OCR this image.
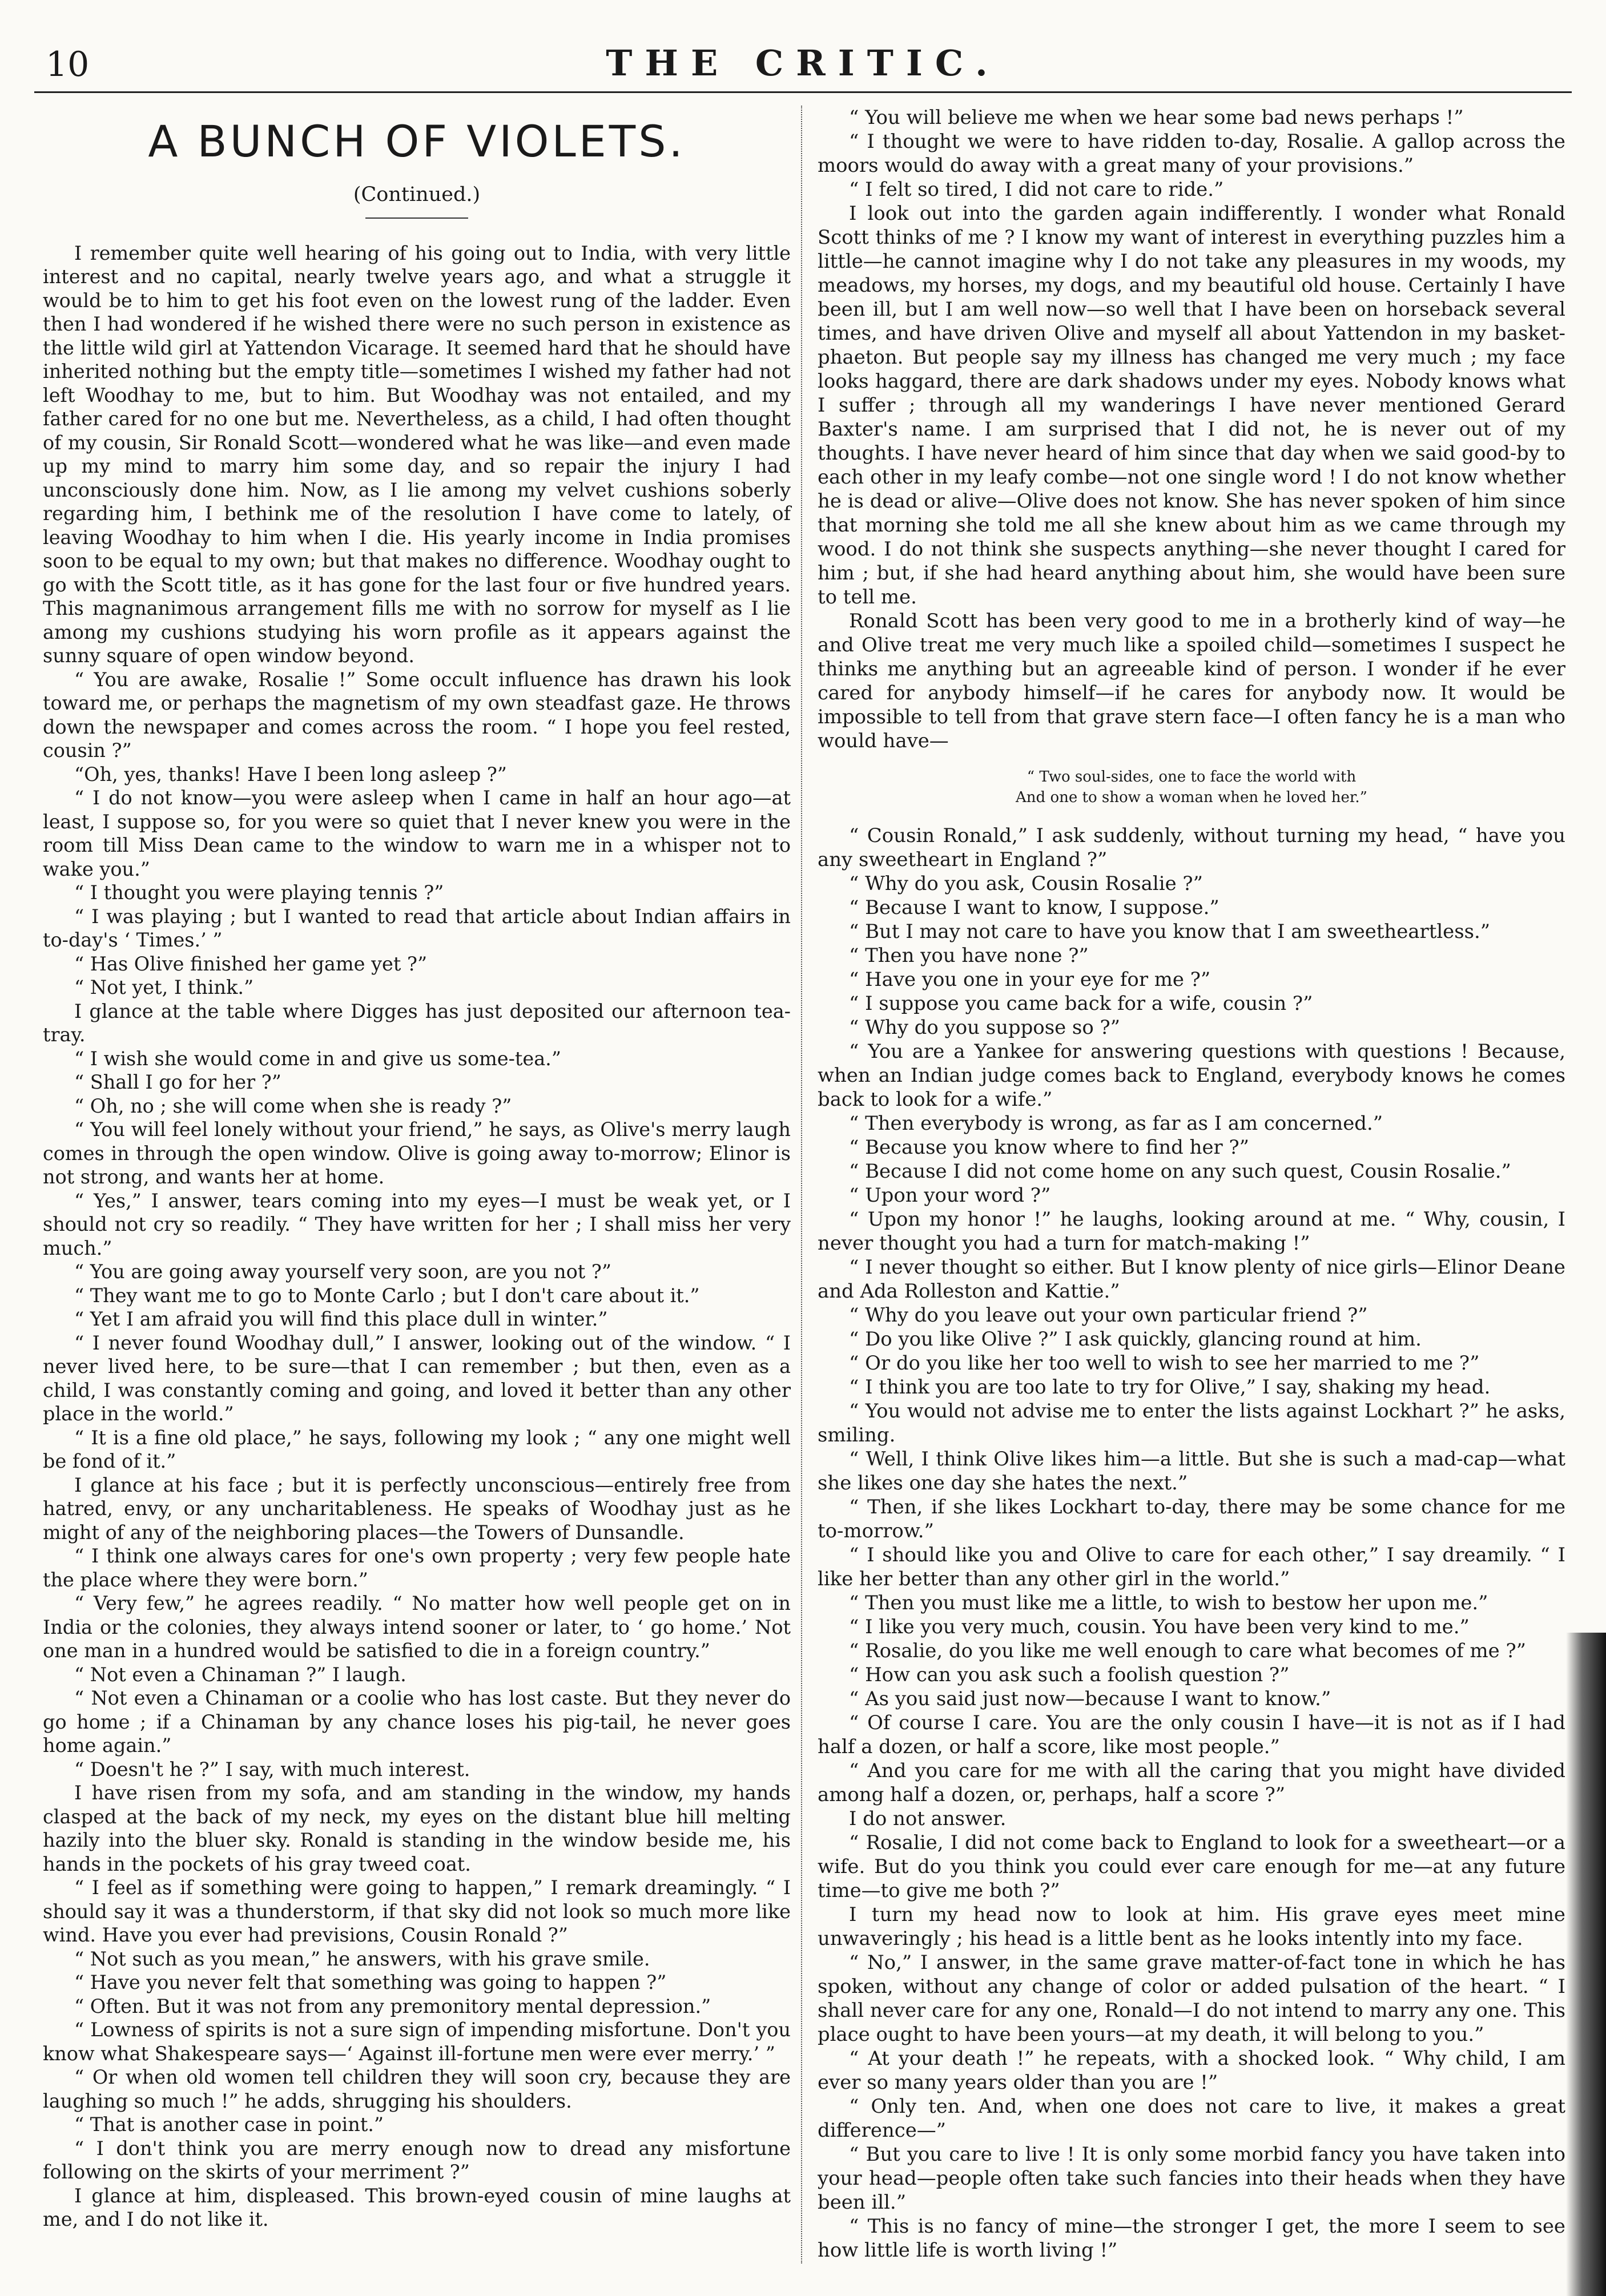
10	THE CRITIC.
A BUNCH OF VIOLETS.
(Continued.)

I remember quite well hearing of his going out to India, with very little interest and no capital, nearly twelve years ago, and what a struggle it would be to him to get his foot even on the lowest rung of the ladder. Even then I had wondered if he wished there were no such person in existence as the little wild girl at Yattendon Vicarage. It seemed hard that he should have inherited nothing but the empty title—sometimes I wished my father had not left Woodhay to me, but to him. But Woodhay was not entailed, and my father cared for no one but me. Nevertheless, as a child, I had often thought of my cousin, Sir Ronald Scott—wondered what he was like—and even made up my mind to marry him some day, and so repair the injury I had unconsciously done him. Now, as I lie among my velvet cushions soberly regarding him, I bethink me of the resolution I have come to lately, of leaving Woodhay to him when I die. His yearly income in India promises soon to be equal to my own; but that makes no difference. Woodhay ought to go with the Scott title, as it has gone for the last four or five hundred years. This magnanimous arrangement fills me with no sorrow for myself as I lie among my cushions studying his worn profile as it appears against the sunny square of open window beyond.

“ You are awake, Rosalie !” Some occult influence has drawn his look toward me, or perhaps the magnetism of my own steadfast gaze. He throws down the newspaper and comes across the room. “ I hope you feel rested, cousin ?”

“Oh, yes, thanks! Have I been long asleep ?”

“ I do not know—you were asleep when I came in half an hour ago—at least, I suppose so, for you were so quiet that I never knew you were in the room till Miss Dean came to the window to warn me in a whisper not to wake you.”

“ I thought you were playing tennis ?”

“ I was playing ; but I wanted to read that article about Indian affairs in to-day's ‘ Times.’ ”

“ Has Olive finished her game yet ?”

“ Not yet, I think.”

I glance at the table where Digges has just deposited our afternoon tea-tray.

“ I wish she would come in and give us some-tea.”

“ Shall I go for her ?”

“ Oh, no ; she will come when she is ready ?”

“ You will feel lonely without your friend,” he says, as Olive's merry laugh comes in through the open window. Olive is going away to-morrow; Elinor is not strong, and wants her at home.

“ Yes,” I answer, tears coming into my eyes—I must be weak yet, or I should not cry so readily. “ They have written for her ; I shall miss her very much.”

“ You are going away yourself very soon, are you not ?”

“ They want me to go to Monte Carlo ; but I don't care about it.”

“ Yet I am afraid you will find this place dull in winter.”

“ I never found Woodhay dull,” I answer, looking out of the window. “ I never lived here, to be sure—that I can remember ; but then, even as a child, I was constantly coming and going, and loved it better than any other place in the world.”

“ It is a fine old place,” he says, following my look ; “ any one might well be fond of it.”

I glance at his face ; but it is perfectly unconscious—entirely free from hatred, envy, or any uncharitableness. He speaks of Woodhay just as he might of any of the neighboring places—the Towers of Dunsandle.

“ I think one always cares for one's own property ; very few people hate the place where they were born.”

“ Very few,” he agrees readily. “ No matter how well people get on in India or the colonies, they always intend sooner or later, to ‘ go home.’ Not one man in a hundred would be satisfied to die in a foreign country.”

“ Not even a Chinaman ?” I laugh.

“ Not even a Chinaman or a coolie who has lost caste. But they never do go home ; if a Chinaman by any chance loses his pig-tail, he never goes home again.”

“ Doesn't he ?” I say, with much interest.

I have risen from my sofa, and am standing in the window, my hands clasped at the back of my neck, my eyes on the distant blue hill melting hazily into the bluer sky. Ronald is standing in the window beside me, his hands in the pockets of his gray tweed coat.

“ I feel as if something were going to happen,” I remark dreamingly. “ I should say it was a thunderstorm, if that sky did not look so much more like wind. Have you ever had previsions, Cousin Ronald ?”

“ Not such as you mean,” he answers, with his grave smile.

“ Have you never felt that something was going to happen ?”

“ Often. But it was not from any premonitory mental depression.”

“ Lowness of spirits is not a sure sign of impending misfortune. Don't you know what Shakespeare says—‘ Against ill-fortune men were ever merry.’ ”

“ Or when old women tell children they will soon cry, because they are laughing so much !” he adds, shrugging his shoulders.

“ That is another case in point.”

“ I don't think you are merry enough now to dread any misfortune following on the skirts of your merriment ?”

I glance at him, displeased. This brown-eyed cousin of mine laughs at me, and I do not like it.

“ You will believe me when we hear some bad news perhaps !”

“ I thought we were to have ridden to-day, Rosalie. A gallop across the moors would do away with a great many of your provisions.”

“ I felt so tired, I did not care to ride.”

I look out into the garden again indifferently. I wonder what Ronald Scott thinks of me ? I know my want of interest in everything puzzles him a little—he cannot imagine why I do not take any pleasures in my woods, my meadows, my horses, my dogs, and my beautiful old house. Certainly I have been ill, but I am well now—so well that I have been on horseback several times, and have driven Olive and myself all about Yattendon in my basket-phaeton. But people say my illness has changed me very much ; my face looks haggard, there are dark shadows under my eyes. Nobody knows what I suffer ; through all my wanderings I have never mentioned Gerard Baxter's name. I am surprised that I did not, he is never out of my thoughts. I have never heard of him since that day when we said good-by to each other in my leafy combe—not one single word ! I do not know whether he is dead or alive—Olive does not know. She has never spoken of him since that morning she told me all she knew about him as we came through my wood. I do not think she suspects anything—she never thought I cared for him ; but, if she had heard anything about him, she would have been sure to tell me.

Ronald Scott has been very good to me in a brotherly kind of way—he and Olive treat me very much like a spoiled child—sometimes I suspect he thinks me anything but an agreeable kind of person. I wonder if he ever cared for anybody himself—if he cares for anybody now. It would be impossible to tell from that grave stern face—I often fancy he is a man who would have—

“ Two soul-sides, one to face the world with
And one to show a woman when he loved her.”

“ Cousin Ronald,” I ask suddenly, without turning my head, “ have you any sweetheart in England ?”

“ Why do you ask, Cousin Rosalie ?”

“ Because I want to know, I suppose.”

“ But I may not care to have you know that I am sweetheartless.”

“ Then you have none ?”

“ Have you one in your eye for me ?”

“ I suppose you came back for a wife, cousin ?”

“ Why do you suppose so ?”

“ You are a Yankee for answering questions with questions ! Because, when an Indian judge comes back to England, everybody knows he comes back to look for a wife.”

“ Then everybody is wrong, as far as I am concerned.”

“ Because you know where to find her ?”

“ Because I did not come home on any such quest, Cousin Rosalie.”

“ Upon your word ?”

“ Upon my honor !” he laughs, looking around at me. “ Why, cousin, I never thought you had a turn for match-making !”

“ I never thought so either. But I know plenty of nice girls—Elinor Deane and Ada Rolleston and Kattie.”

“ Why do you leave out your own particular friend ?”

“ Do you like Olive ?” I ask quickly, glancing round at him.

“ Or do you like her too well to wish to see her married to me ?”

“ I think you are too late to try for Olive,” I say, shaking my head.

“ You would not advise me to enter the lists against Lockhart ?” he asks, smiling.

“ Well, I think Olive likes him—a little. But she is such a mad-cap—what she likes one day she hates the next.”

“ Then, if she likes Lockhart to-day, there may be some chance for me to-morrow.”

“ I should like you and Olive to care for each other,” I say dreamily. “ I like her better than any other girl in the world.”

“ Then you must like me a little, to wish to bestow her upon me.”

“ I like you very much, cousin. You have been very kind to me.”

“ Rosalie, do you like me well enough to care what becomes of me ?”

“ How can you ask such a foolish question ?”

“ As you said just now—because I want to know.”

“ Of course I care. You are the only cousin I have—it is not as if I had half a dozen, or half a score, like most people.”

“ And you care for me with all the caring that you might have divided among half a dozen, or, perhaps, half a score ?”

I do not answer.

“ Rosalie, I did not come back to England to look for a sweetheart—or a wife. But do you think you could ever care enough for me—at any future time—to give me both ?”

I turn my head now to look at him. His grave eyes meet mine unwaveringly ; his head is a little bent as he looks intently into my face.

“ No,” I answer, in the same grave matter-of-fact tone in which he has spoken, without any change of color or added pulsation of the heart. “ I shall never care for any one, Ronald—I do not intend to marry any one. This place ought to have been yours—at my death, it will belong to you.”

“ At your death !” he repeats, with a shocked look. “ Why child, I am ever so many years older than you are !”

“ Only ten. And, when one does not care to live, it makes a great difference—”

“ But you care to live ! It is only some morbid fancy you have taken into your head—people often take such fancies into their heads when they have been ill.”

“ This is no fancy of mine—the stronger I get, the more I seem to see how little life is worth living !”
